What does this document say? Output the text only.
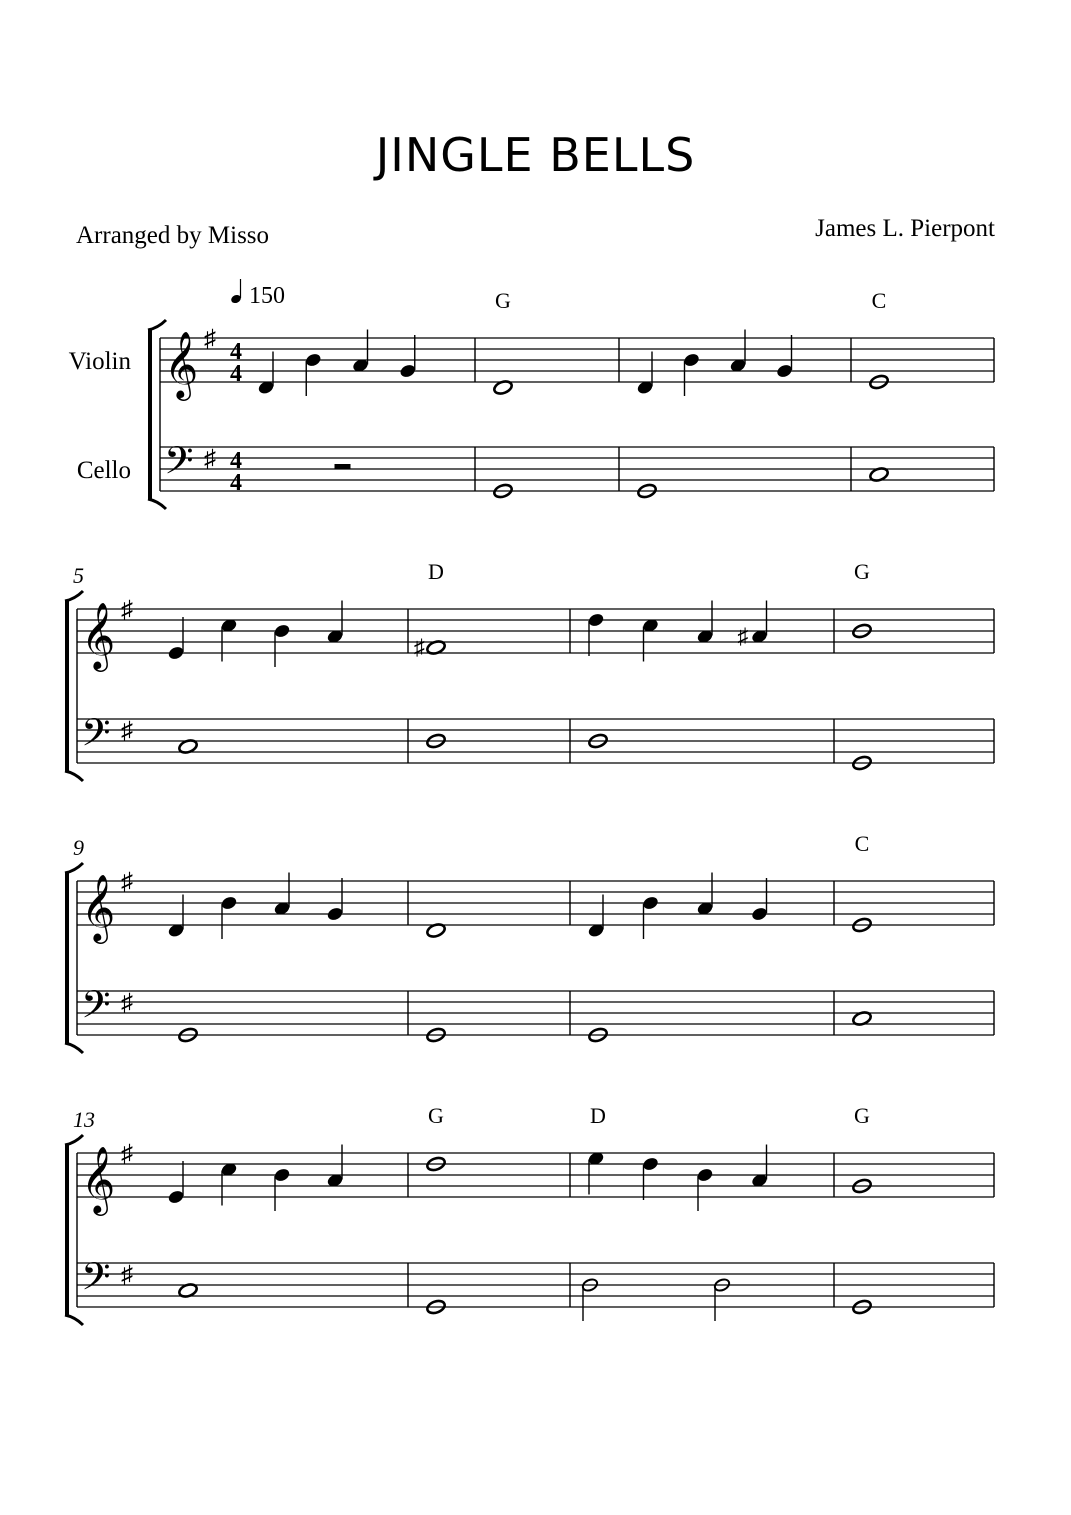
JINGLE BELLS
Arranged by Misso	James L. Pierpont
𝄞
𝄢
♯
♯
4
4
4
4
Violin
Cello
150	G	C
𝄞
𝄢
♯
♯
5
♯
D
♯
G
𝄞
𝄢
♯
♯
9	C
𝄞
𝄢
♯
♯
13	G	D	G
